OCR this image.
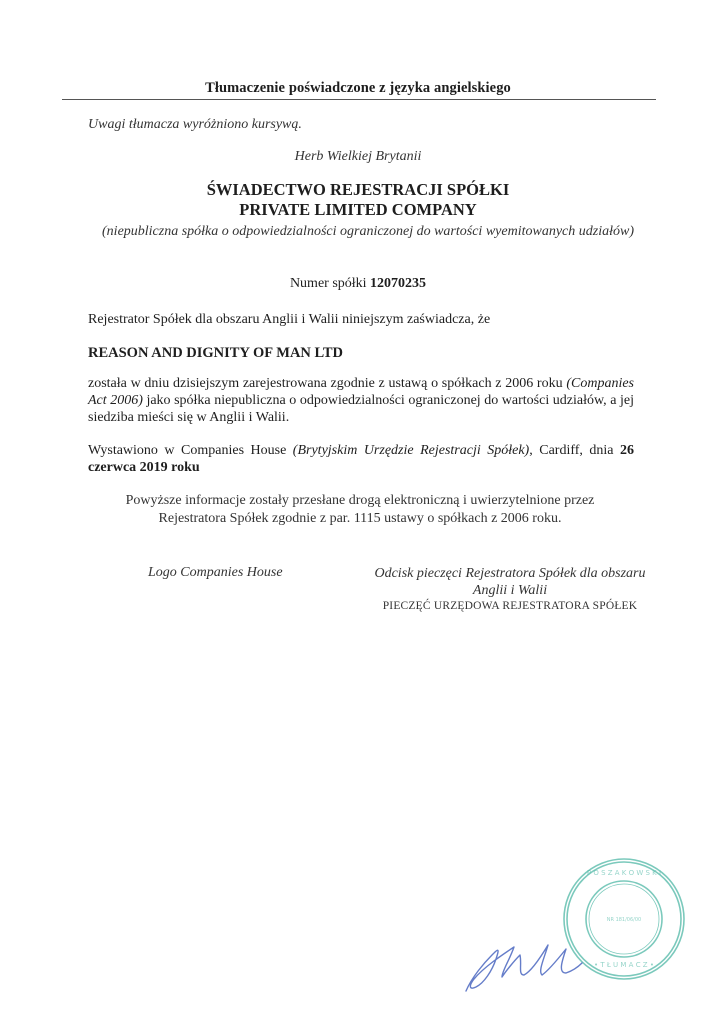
Tłumaczenie poświadczone z języka angielskiego
Uwagi tłumacza wyróżniono kursywą.
Herb Wielkiej Brytanii
ŚWIADECTWO REJESTRACJI SPÓŁKI
PRIVATE LIMITED COMPANY
(niepubliczna spółka o odpowiedzialności ograniczonej do wartości wyemitowanych udziałów)
Numer spółki 12070235
Rejestrator Spółek dla obszaru Anglii i Walii niniejszym zaświadcza, że
REASON AND DIGNITY OF MAN LTD
została w dniu dzisiejszym zarejestrowana zgodnie z ustawą o spółkach z 2006 roku (Companies Act 2006) jako spółka niepubliczna o odpowiedzialności ograniczonej do wartości udziałów, a jej siedziba mieści się w Anglii i Walii.
Wystawiono w Companies House (Brytyjskim Urzędzie Rejestracji Spółek), Cardiff, dnia 26 czerwca 2019 roku
Powyższe informacje zostały przesłane drogą elektroniczną i uwierzytelnione przez Rejestratora Spółek zgodnie z par. 1115 ustawy o spółkach z 2006 roku.
Logo Companies House	Odcisk pieczęci Rejestratora Spółek dla obszaru Anglii i Walii
PIECZĘĆ URZĘDOWA REJESTRATORA SPÓŁEK
P O S Z A K O W S K I
NR 181/06/00
• T Ł U M A C Z •
